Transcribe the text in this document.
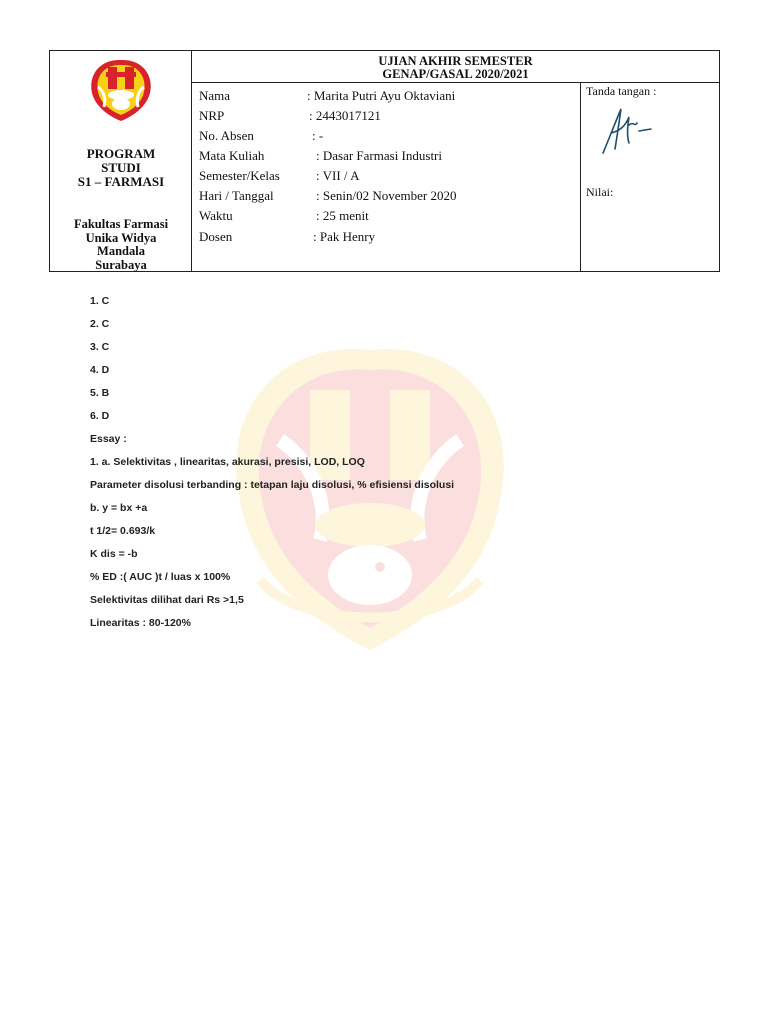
PROGRAM
STUDI
S1 – FARMASI
Fakultas Farmasi
Unika Widya
Mandala
Surabaya
UJIAN AKHIR SEMESTER
GENAP/GASAL 2020/2021
Nama	: Marita Putri Ayu Oktaviani
NRP	: 2443017121
No. Absen	: -
Mata Kuliah	: Dasar Farmasi Industri
Semester/Kelas	: VII / A
Hari / Tanggal	: Senin/02 November 2020
Waktu	: 25 menit
Dosen	: Pak Henry
Tanda tangan :
Nilai:
1. C
2. C
3. C
4. D
5. B
6. D
Essay :
1. a. Selektivitas , linearitas, akurasi, presisi, LOD, LOQ
Parameter disolusi terbanding : tetapan laju disolusi, % efisiensi disolusi
b. y = bx +a
t 1/2= 0.693/k
K dis = -b
% ED :( AUC )t / luas x 100%
Selektivitas dilihat dari Rs >1,5
Linearitas : 80-120%
